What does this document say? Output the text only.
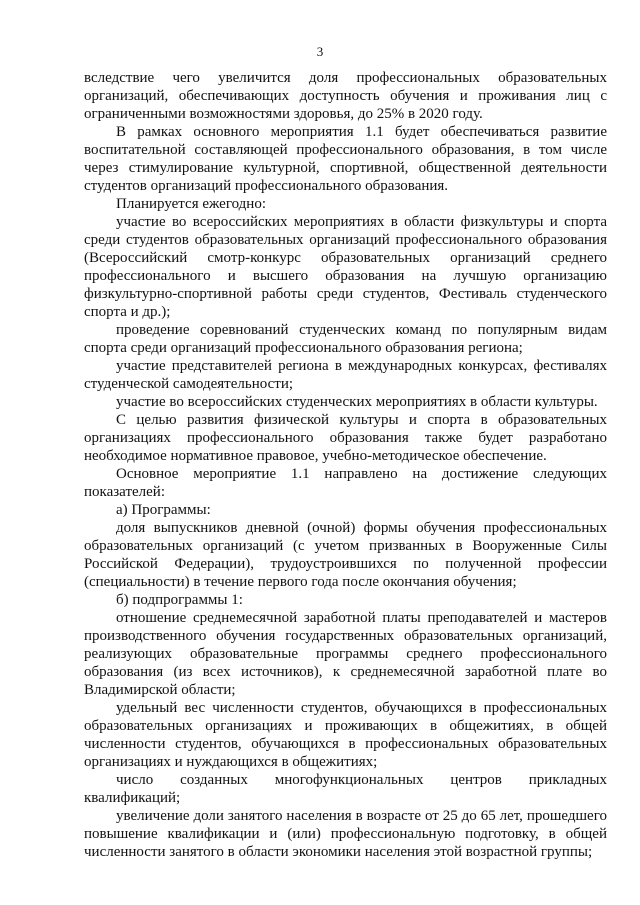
3

вследствие чего увеличится доля профессиональных образовательных организаций, обеспечивающих доступность обучения и проживания лиц с ограниченными возможностями здоровья, до 25% в 2020 году.

В рамках основного мероприятия 1.1 будет обеспечиваться развитие воспитательной составляющей профессионального образования, в том числе через стимулирование культурной, спортивной, общественной деятельности студентов организаций профессионального образования.

Планируется ежегодно:

участие во всероссийских мероприятиях в области физкультуры и спорта среди студентов образовательных организаций профессионального образования (Всероссийский смотр-конкурс образовательных организаций среднего профессионального и высшего образования на лучшую организацию физкультурно-спортивной работы среди студентов, Фестиваль студенческого спорта и др.);

проведение соревнований студенческих команд по популярным видам спорта среди организаций профессионального образования региона;

участие представителей региона в международных конкурсах, фестивалях студенческой самодеятельности;

участие во всероссийских студенческих мероприятиях в области культуры.

С целью развития физической культуры и спорта в образовательных организациях профессионального образования также будет разработано необходимое нормативное правовое, учебно-методическое обеспечение.

Основное мероприятие 1.1 направлено на достижение следующих показателей:

а) Программы:

доля выпускников дневной (очной) формы обучения профессиональных образовательных организаций (с учетом призванных в Вооруженные Силы Российской Федерации), трудоустроившихся по полученной профессии (специальности) в течение первого года после окончания обучения;

б) подпрограммы 1:

отношение среднемесячной заработной платы преподавателей и мастеров производственного обучения государственных образовательных организаций, реализующих образовательные программы среднего профессионального образования (из всех источников), к среднемесячной заработной плате во Владимирской области;

удельный вес численности студентов, обучающихся в профессиональных образовательных организациях и проживающих в общежитиях, в общей численности студентов, обучающихся в профессиональных образовательных организациях и нуждающихся в общежитиях;

число созданных многофункциональных центров прикладных квалификаций;

увеличение доли занятого населения в возрасте от 25 до 65 лет, прошедшего повышение квалификации и (или) профессиональную подготовку, в общей численности занятого в области экономики населения этой возрастной группы;
